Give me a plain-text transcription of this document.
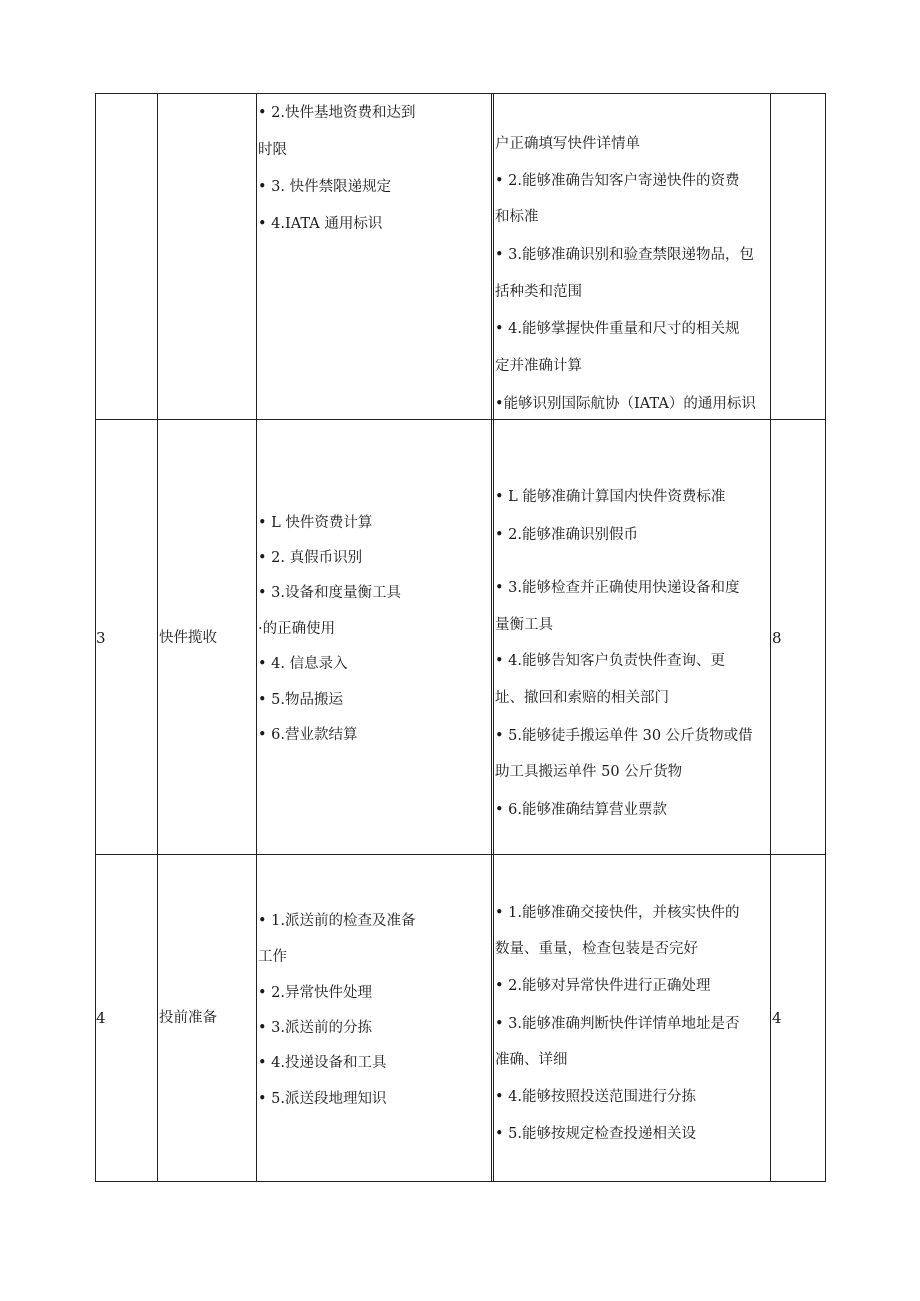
• 2.快件基地资费和达到
时限
• 3. 快件禁限递规定
• 4.IATA 通用标识
户正确填写快件详情单
• 2.能够准确告知客户寄递快件的资费
和标准
• 3.能够准确识别和验查禁限递物品，包
括种类和范围
• 4.能够掌握快件重量和尺寸的相关规
定并准确计算
• 能够识别国际航协（IATA）的通用标识
3	快件揽收
• L 快件资费计算
• 2. 真假币识别
• 3.设备和度量衡工具
·的正确使用
• 4. 信息录入
• 5.物品搬运
• 6.营业款结算
• L 能够准确计算国内快件资费标准
• 2.能够准确识别假币
• 3.能够检查并正确使用快递设备和度
量衡工具
• 4.能够告知客户负责快件查询、更
址、撤回和索赔的相关部门
• 5.能够徒手搬运单件 30 公斤货物或借
助工具搬运单件 50 公斤货物
• 6.能够准确结算营业票款
8
4	投前准备
• 1.派送前的检查及准备
工作
• 2.异常快件处理
• 3.派送前的分拣
• 4.投递设备和工具
• 5.派送段地理知识
• 1.能够准确交接快件，并核实快件的
数量、重量，检查包装是否完好
• 2.能够对异常快件进行正确处理
• 3.能够准确判断快件详情单地址是否
准确、详细
• 4.能够按照投送范围进行分拣
• 5.能够按规定检查投递相关设
4
